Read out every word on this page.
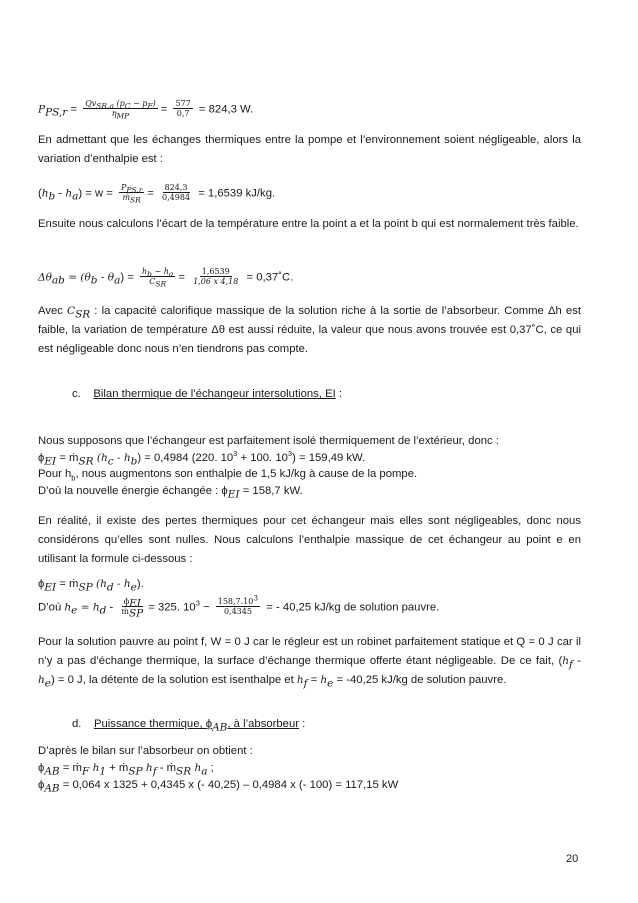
$P_{PS,r} = \frac{Qv_{SR,a} (p_C - p_F)}{\eta_{MP}} = \frac{577}{0,7} = 824,3$ W.
En admettant que les échanges thermiques entre la pompe et l’environnement soient négligeable, alors la variation d’enthalpie est :
$(h_b - h_a) = w = \frac{P_{PS,r}}{ṁ_{SR}} = \frac{824,3}{0,4984} = 1,6539$ kJ/kg.
Ensuite nous calculons l’écart de la température entre la point a et la point b qui est normalement très faible.
$\Delta\theta_{ab} = (\theta_b - \theta_a) = \frac{h_b - h_a}{C_{SR}} = \frac{1,6539}{1,06 x 4,18}$ = 0,37˚C.
Avec $C_{SR}$ : la capacité calorifique massique de la solution riche à la sortie de l’absorbeur. Comme Δh est faible, la variation de température Δθ est aussi réduite, la valeur que nous avons trouvée est 0,37˚C, ce qui est négligeable donc nous n’en tiendrons pas compte.
c. Bilan thermique de l’échangeur intersolutions, EI :
Nous supposons que l’échangeur est parfaitement isolé thermiquement de l’extérieur, donc :
$\phi_{EI}$ = ṁ$_{SR}$ $(h_c - h_b) = 0,4984$ (220. $10^3 + 100$. $10^3) = 159,49$ kW.
Pour $h_b$, nous augmentons son enthalpie de 1,5 kJ/kg à cause de la pompe.
D’où la nouvelle énergie échangée : $\phi_{EI} = 158,7$ kW.
En réalité, il existe des pertes thermiques pour cet échangeur mais elles sont négligeables, donc nous considérons qu’elles sont nulles. Nous calculons l’enthalpie massique de cet échangeur au point e en utilisant la formule ci-dessous :
$\phi_{EI}$ = ṁ$_{SP}$ $(h_d - h_e)$.
D’où $h_e = h_d - \frac{\phi_{EI}}{ṁ_{SP}} = 325$. $10^3 - \frac{158,7.10^3}{0,4345}$ = - 40,25 kJ/kg de solution pauvre.
Pour la solution pauvre au point f, W = 0 J car le régleur est un robinet parfaitement statique et Q = 0 J car il n’y a pas d’échange thermique, la surface d’échange thermique offerte étant négligeable. De ce fait, $(h_f - h_e) = 0$ J, la détente de la solution est isenthalpe et $h_f = h_e = -40,25$ kJ/kg de solution pauvre.
d. Puissance thermique, $\phi_{AB}$, à l’absorbeur :
D’après le bilan sur l’absorbeur on obtient :
$\phi_{AB}$ = ṁ$_F$ $h_1$ + ṁ$_{SP}$ $h_f$ - ṁ$_{SR}$ $h_a$ ;
$\phi_{AB} = 0,064$ x 1325 + 0,4345 x (- 40,25) – 0,4984 x (- 100) = 117,15 kW
20
